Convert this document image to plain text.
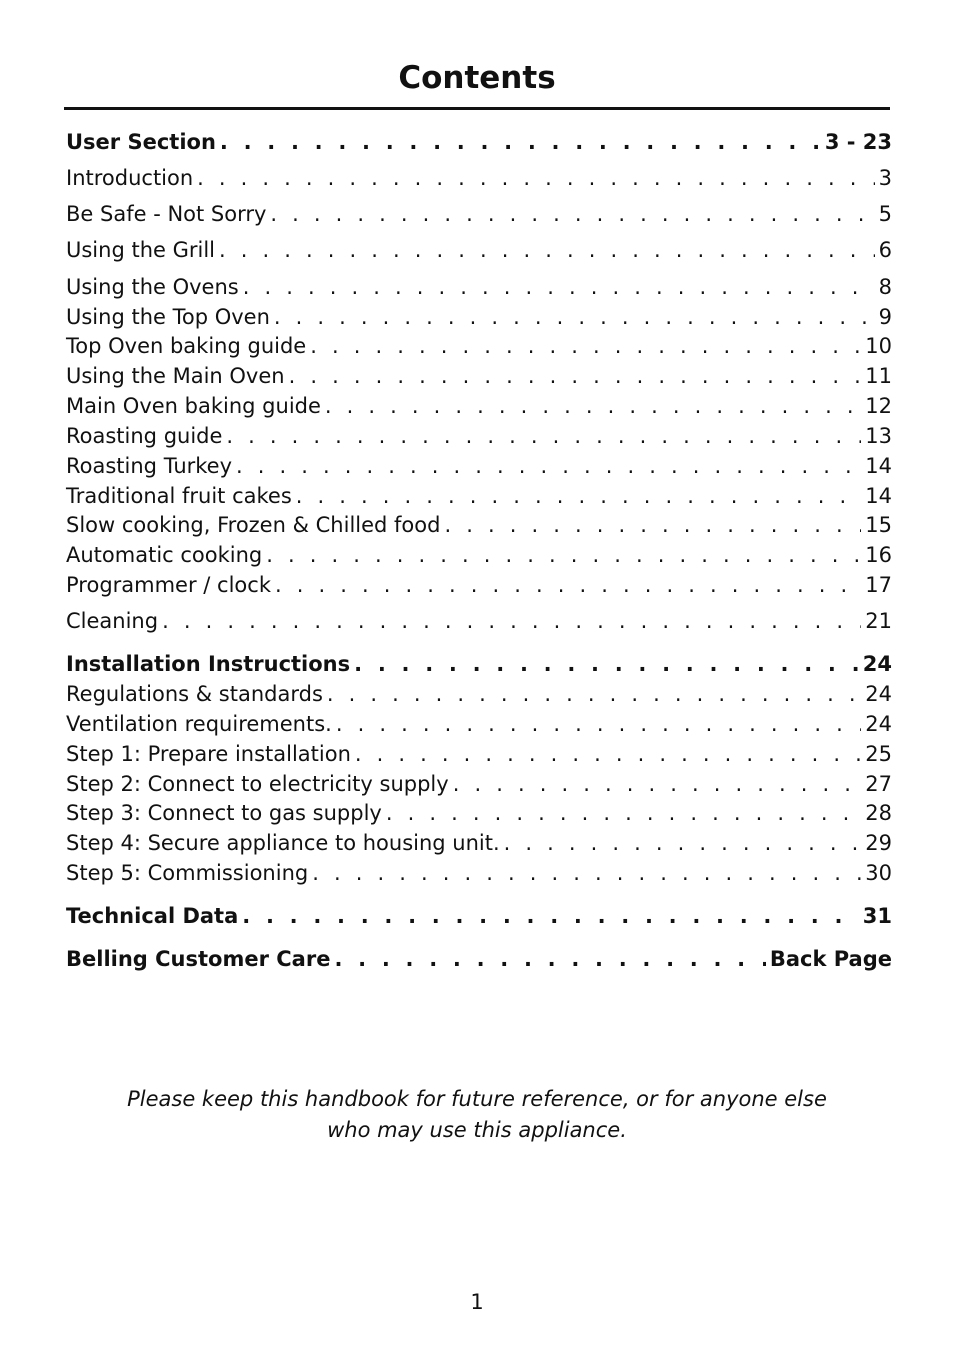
Contents
User Section . . .	3 - 23
Introduction . . .	3
Be Safe - Not Sorry . . .	5
Using the Grill . . .	6
Using the Ovens . . .	8
Using the Top Oven . . .	9
Top Oven baking guide . . .	10
Using the Main Oven . . .	11
Main Oven baking guide . . .	12
Roasting guide . . .	13
Roasting Turkey . . .	14
Traditional fruit cakes . . .	14
Slow cooking, Frozen & Chilled food . . .	15
Automatic cooking . . .	16
Programmer / clock . . .	17
Cleaning . . .	21
Installation Instructions . . .	24
Regulations & standards . . .	24
Ventilation requirements. . . .	24
Step 1: Prepare installation . . .	25
Step 2: Connect to electricity supply . . .	27
Step 3: Connect to gas supply . . .	28
Step 4: Secure appliance to housing unit. . . .	29
Step 5: Commissioning . . .	30
Technical Data . . .	31
Belling Customer Care . . .	Back Page
Please keep this handbook for future reference, or for anyone else
who may use this appliance.
1
